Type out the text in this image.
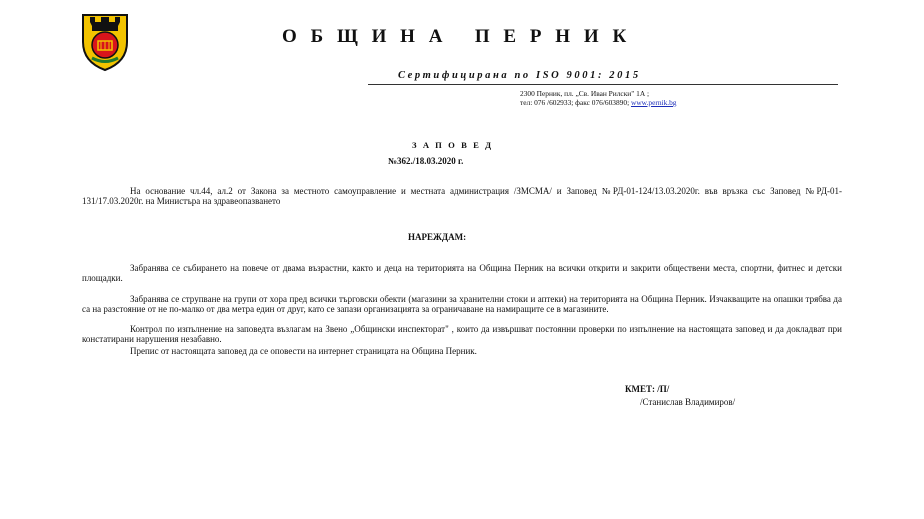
ОБЩИНА ПЕРНИК
Сертифицирана по ISO 9001: 2015
2300 Перник, пл. „Св. Иван Рилски" 1А ;
тел: 076 /602933; факс 076/603890; www.pernik.bg
ЗАПОВЕД
№362./18.03.2020 г.

На основание чл.44, ал.2 от Закона за местното самоуправление и местната администрация /ЗМСМА/ и Заповед №РД-01-124/13.03.2020г. във връзка със Заповед №РД-01-131/17.03.2020г. на Министъра на здравеопазването

НАРЕЖДАМ:

Забранява се събирането на повече от двама възрастни, както и деца на територията на Община Перник на всички открити и закрити обществени места, спортни, фитнес и детски площадки.

Забранява се струпване на групи от хора пред всички търговски обекти (магазини за хранителни стоки и аптеки) на територията на Община Перник. Изчакващите на опашки трябва да са на разстояние от не по-малко от два метра един от друг, като се запази организацията за ограничаване на намиращите се в магазините.

Контрол по изпълнение на заповедта възлагам на Звено „Общински инспекторат" , които да извършват постоянни проверки по изпълнение на настоящата заповед и да докладват при констатирани нарушения незабавно.

Препис от настоящата заповед да се оповести на интернет страницата на Община Перник.

КМЕТ: /П/
/Станислав Владимиров/
